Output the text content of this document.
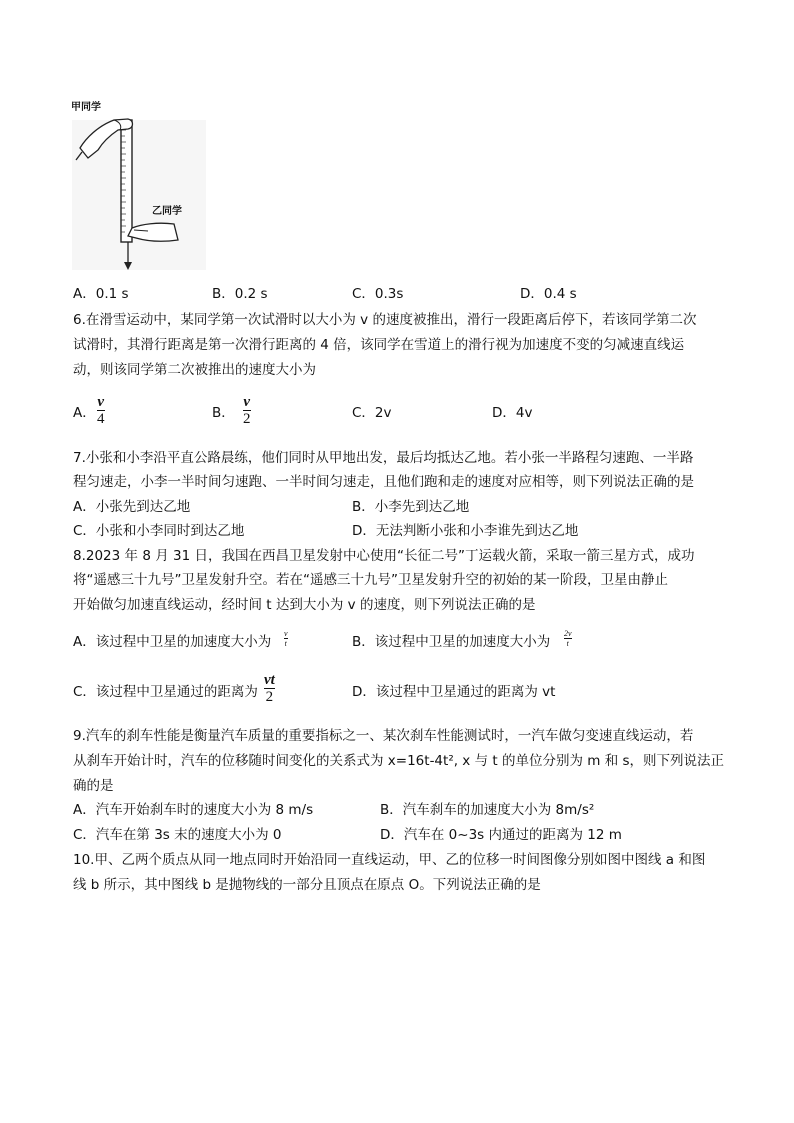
甲同学
乙同学
A．0.1 s	B．0.2 s	C．0.3s	D．0.4 s
6.在滑雪运动中，某同学第一次试滑时以大小为 v 的速度被推出，滑行一段距离后停下，若该同学第二次
试滑时，其滑行距离是第一次滑行距离的 4 倍，该同学在雪道上的滑行视为加速度不变的匀减速直线运
动，则该同学第二次被推出的速度大小为
A．
v
4	B．
v
2	C．2v	D．4v
7.小张和小李沿平直公路晨练，他们同时从甲地出发，最后均抵达乙地。若小张一半路程匀速跑、一半路
程匀速走，小李一半时间匀速跑、一半时间匀速走，且他们跑和走的速度对应相等，则下列说法正确的是
A．小张先到达乙地	B．小李先到达乙地
C．小张和小李同时到达乙地	D．无法判断小张和小李谁先到达乙地
8.2023 年 8 月 31 日，我国在西昌卫星发射中心使用“长征二号”丁运载火箭，采取一箭三星方式，成功
将“遥感三十九号”卫星发射升空。若在“遥感三十九号”卫星发射升空的初始的某一阶段，卫星由静止
开始做匀加速直线运动，经时间 t 达到大小为 v 的速度，则下列说法正确的是
A．该过程中卫星的加速度大小为
v
t	B．该过程中卫星的加速度大小为
2v
t
C．该过程中卫星通过的距离为
vt
2	D．该过程中卫星通过的距离为 vt
9.汽车的刹车性能是衡量汽车质量的重要指标之一、某次刹车性能测试时，一汽车做匀变速直线运动，若
从刹车开始计时，汽车的位移随时间变化的关系式为 x=16t-4t², x 与 t 的单位分别为 m 和 s，则下列说法正
确的是
A．汽车开始刹车时的速度大小为 8 m/s	B．汽车刹车的加速度大小为 8m/s²
C．汽车在第 3s 末的速度大小为 0	D．汽车在 0~3s 内通过的距离为 12 m
10.甲、乙两个质点从同一地点同时开始沿同一直线运动，甲、乙的位移一时间图像分别如图中图线 a 和图
线 b 所示，其中图线 b 是抛物线的一部分且顶点在原点 O。下列说法正确的是
